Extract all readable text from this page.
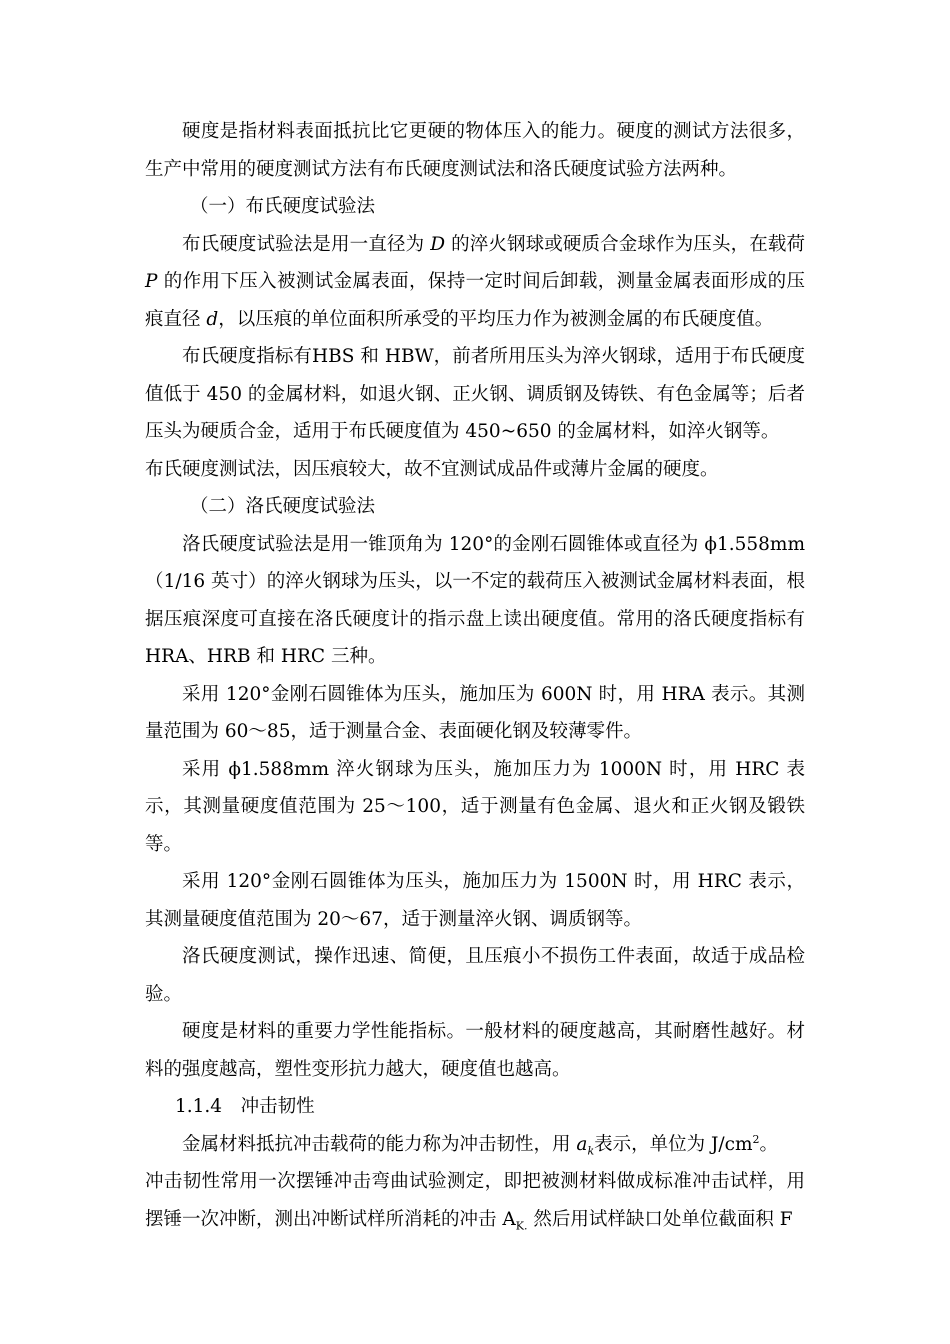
硬度是指材料表面抵抗比它更硬的物体压入的能力。硬度的测试方法很多，生产中常用的硬度测试方法有布氏硬度测试法和洛氏硬度试验方法两种。

（一）布氏硬度试验法

布氏硬度试验法是用一直径为 D 的淬火钢球或硬质合金球作为压头，在载荷 P 的作用下压入被测试金属表面，保持一定时间后卸载，测量金属表面形成的压痕直径 d，以压痕的单位面积所承受的平均压力作为被测金属的布氏硬度值。

布氏硬度指标有HBS 和 HBW，前者所用压头为淬火钢球，适用于布氏硬度值低于 450 的金属材料，如退火钢、正火钢、调质钢及铸铁、有色金属等；后者压头为硬质合金，适用于布氏硬度值为 450~650 的金属材料，如淬火钢等。

布氏硬度测试法，因压痕较大，故不宜测试成品件或薄片金属的硬度。

（二）洛氏硬度试验法

洛氏硬度试验法是用一锥顶角为 120°的金刚石圆锥体或直径为 ϕ1.558mm（1/16 英寸）的淬火钢球为压头，以一不定的载荷压入被测试金属材料表面，根据压痕深度可直接在洛氏硬度计的指示盘上读出硬度值。常用的洛氏硬度指标有 HRA、HRB 和 HRC 三种。

采用 120°金刚石圆锥体为压头，施加压为 600N 时，用 HRA 表示。其测量范围为 60～85，适于测量合金、表面硬化钢及较薄零件。

采用 ϕ1.588mm 淬火钢球为压头，施加压力为 1000N 时，用 HRC 表示，其测量硬度值范围为 25～100，适于测量有色金属、退火和正火钢及锻铁等。

采用 120°金刚石圆锥体为压头，施加压力为 1500N 时，用 HRC 表示，其测量硬度值范围为 20～67，适于测量淬火钢、调质钢等。

洛氏硬度测试，操作迅速、简便，且压痕小不损伤工件表面，故适于成品检验。

硬度是材料的重要力学性能指标。一般材料的硬度越高，其耐磨性越好。材料的强度越高，塑性变形抗力越大，硬度值也越高。

1.1.4　冲击韧性

金属材料抵抗冲击载荷的能力称为冲击韧性，用 $a_k$表示，单位为 $J/cm^2$。

冲击韧性常用一次摆锤冲击弯曲试验测定，即把被测材料做成标准冲击试样，用摆锤一次冲断，测出冲断试样所消耗的冲击 $A_{K.}$ 然后用试样缺口处单位截面积 F
